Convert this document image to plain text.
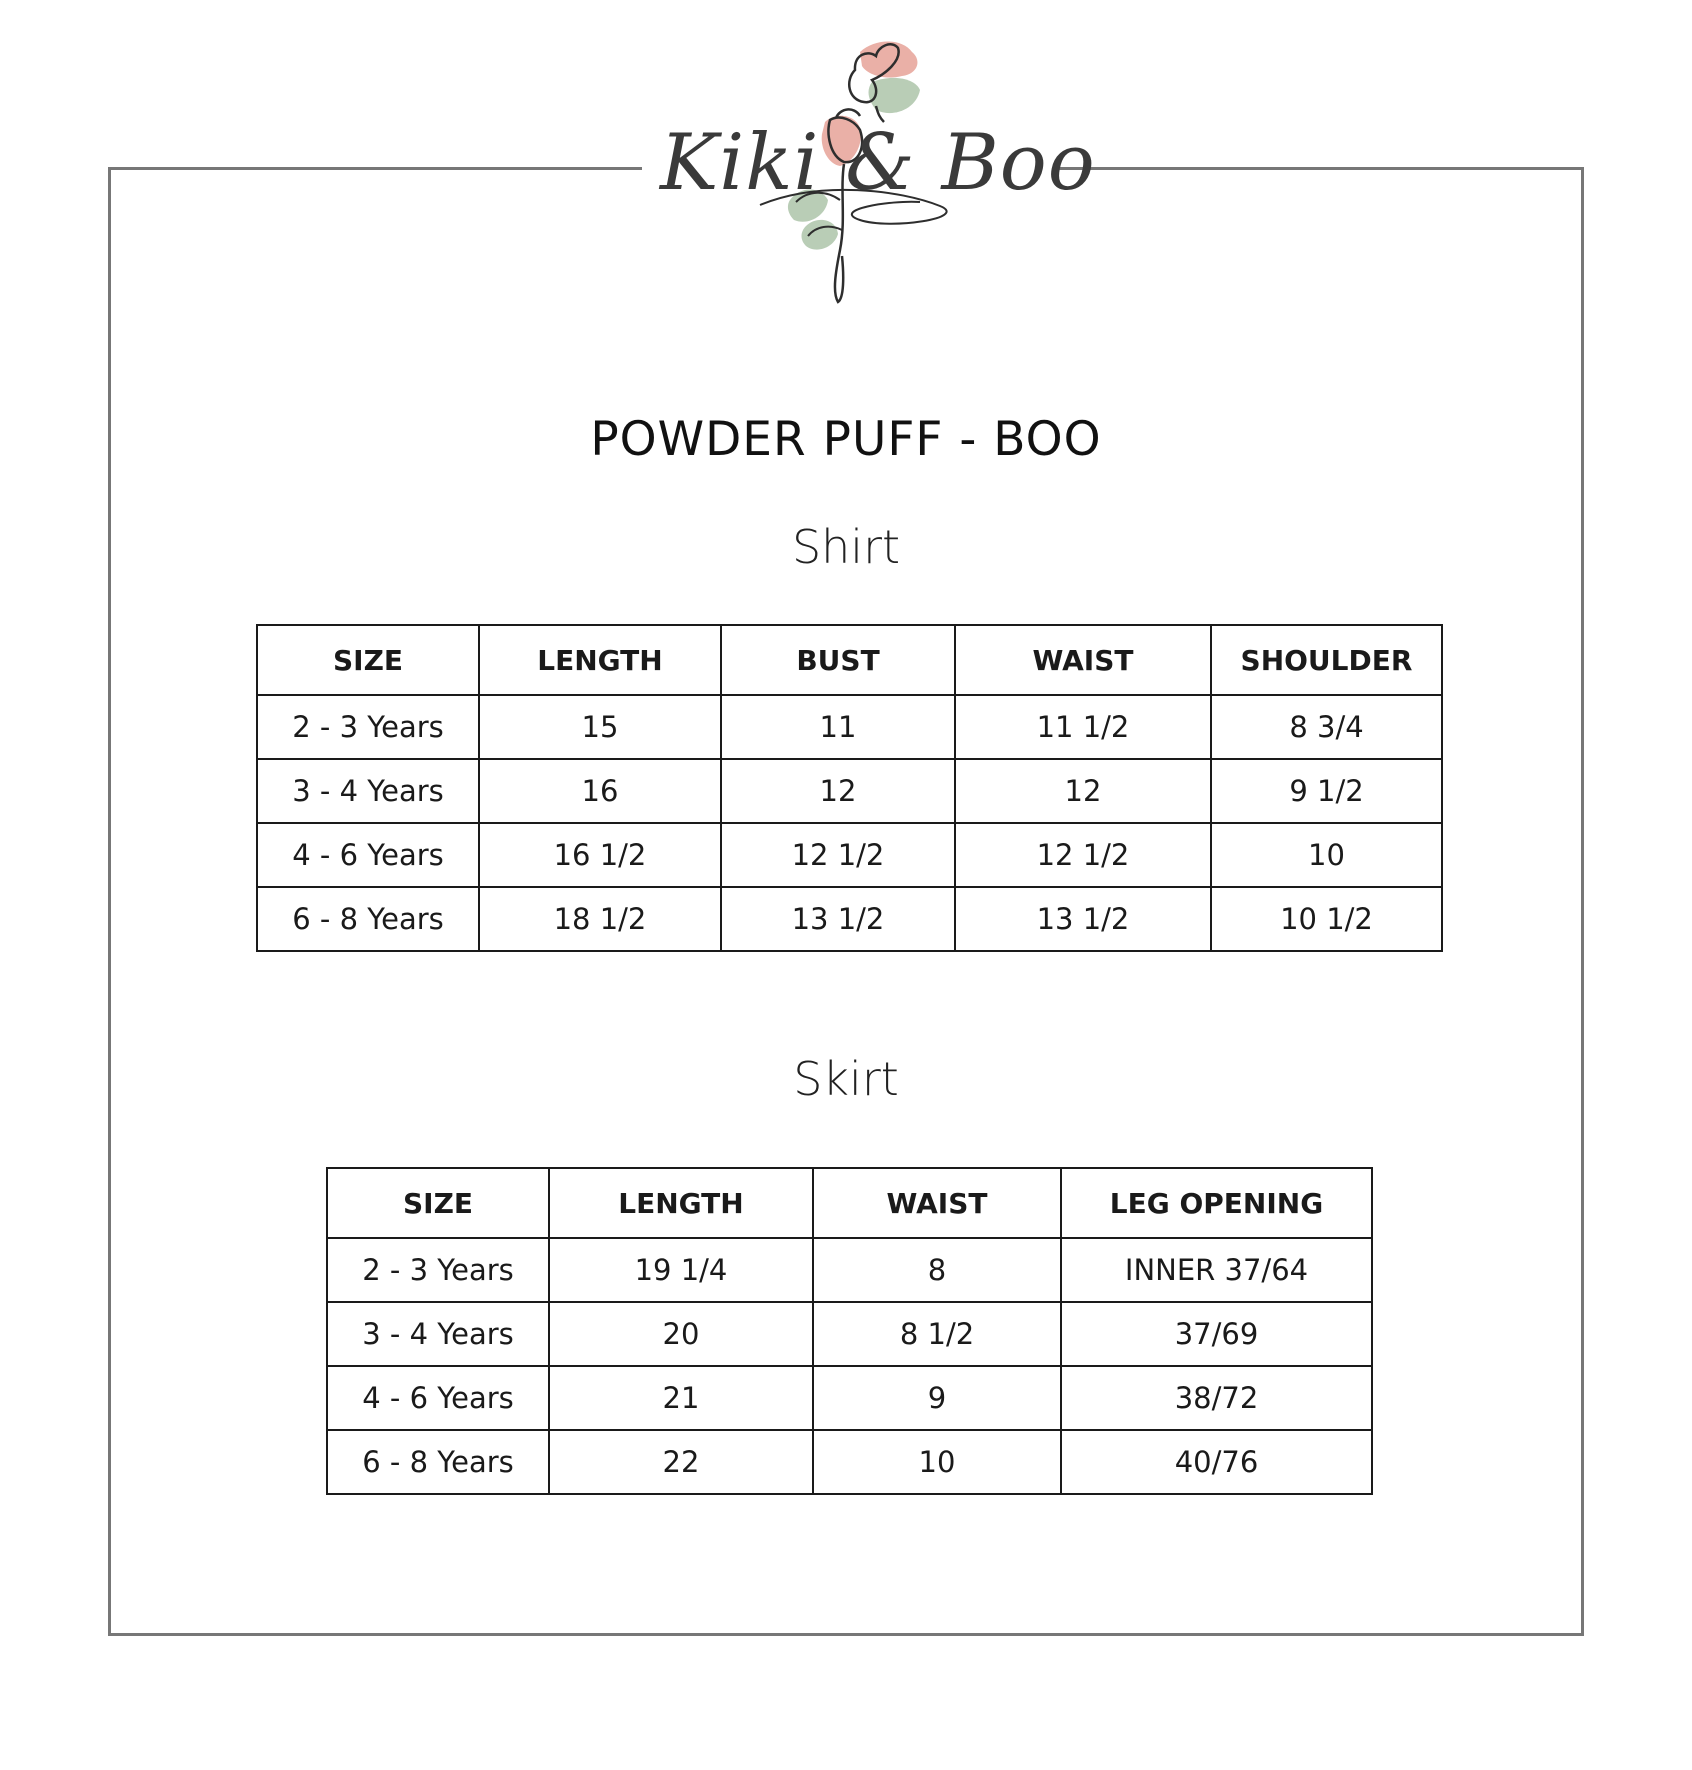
Kiki & Boo
POWDER PUFF - BOO
Shirt
SIZE	LENGTH	BUST	WAIST	SHOULDER
2 - 3 Years	15	11	11 1/2	8 3/4
3 - 4 Years	16	12	12	9 1/2
4 - 6 Years	16 1/2	12 1/2	12 1/2	10
6 - 8 Years	18 1/2	13 1/2	13 1/2	10 1/2
Skirt
SIZE	LENGTH	WAIST	LEG OPENING
2 - 3 Years	19 1/4	8	INNER 37/64
3 - 4 Years	20	8 1/2	37/69
4 - 6 Years	21	9	38/72
6 - 8 Years	22	10	40/76
